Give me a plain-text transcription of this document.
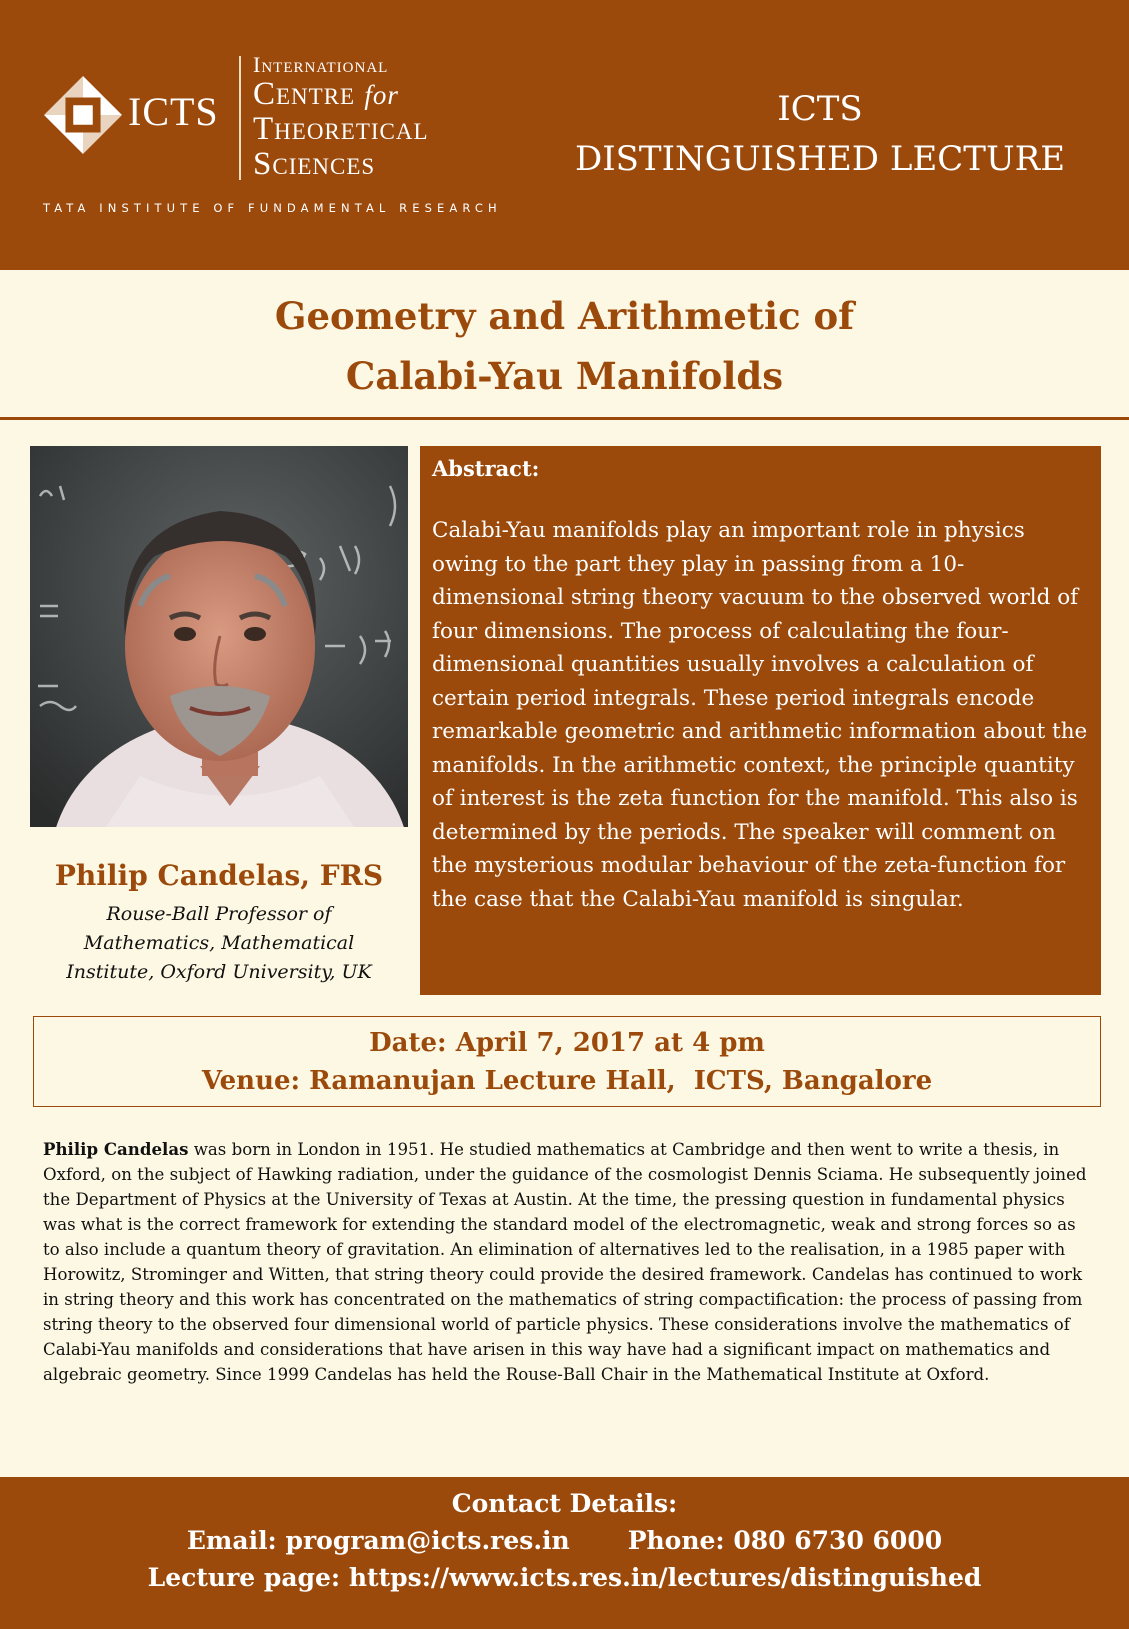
ICTS
International
Centre for
Theoretical
Sciences
TATA INSTITUTE OF FUNDAMENTAL RESEARCH
ICTS
DISTINGUISHED LECTURE
Geometry and Arithmetic of
Calabi-Yau Manifolds
Philip Candelas, FRS
Rouse-Ball Professor of
Mathematics, Mathematical
Institute, Oxford University, UK
Abstract:
Calabi-Yau manifolds play an important role in physics owing to the part they play in passing from a 10-dimensional string theory vacuum to the observed world of four dimensions. The process of calculating the four-dimensional quantities usually involves a calculation of certain period integrals. These period integrals encode remarkable geometric and arithmetic information about the manifolds. In the arithmetic context, the principle quantity of interest is the zeta function for the manifold. This also is determined by the periods. The speaker will comment on the mysterious modular behaviour of the zeta-function for the case that the Calabi-Yau manifold is singular.
Date: April 7, 2017 at 4 pm
Venue: Ramanujan Lecture Hall,  ICTS, Bangalore
Philip Candelas was born in London in 1951. He studied mathematics at Cambridge and then went to write a thesis, in Oxford, on the subject of Hawking radiation, under the guidance of the cosmologist Dennis Sciama. He subsequently joined the Department of Physics at the University of Texas at Austin. At the time, the pressing question in fundamental physics was what is the correct framework for extending the standard model of the electromagnetic, weak and strong forces so as to also include a quantum theory of gravitation. An elimination of alternatives led to the realisation, in a 1985 paper with Horowitz, Strominger and Witten, that string theory could provide the desired framework. Candelas has continued to work in string theory and this work has concentrated on the mathematics of string compactification: the process of passing from string theory to the observed four dimensional world of particle physics. These considerations involve the mathematics of Calabi-Yau manifolds and considerations that have arisen in this way have had a significant impact on mathematics and algebraic geometry. Since 1999 Candelas has held the Rouse-Ball Chair in the Mathematical Institute at Oxford.
Contact Details:
Email: program@icts.res.in Phone: 080 6730 6000
Lecture page: https://www.icts.res.in/lectures/distinguished
